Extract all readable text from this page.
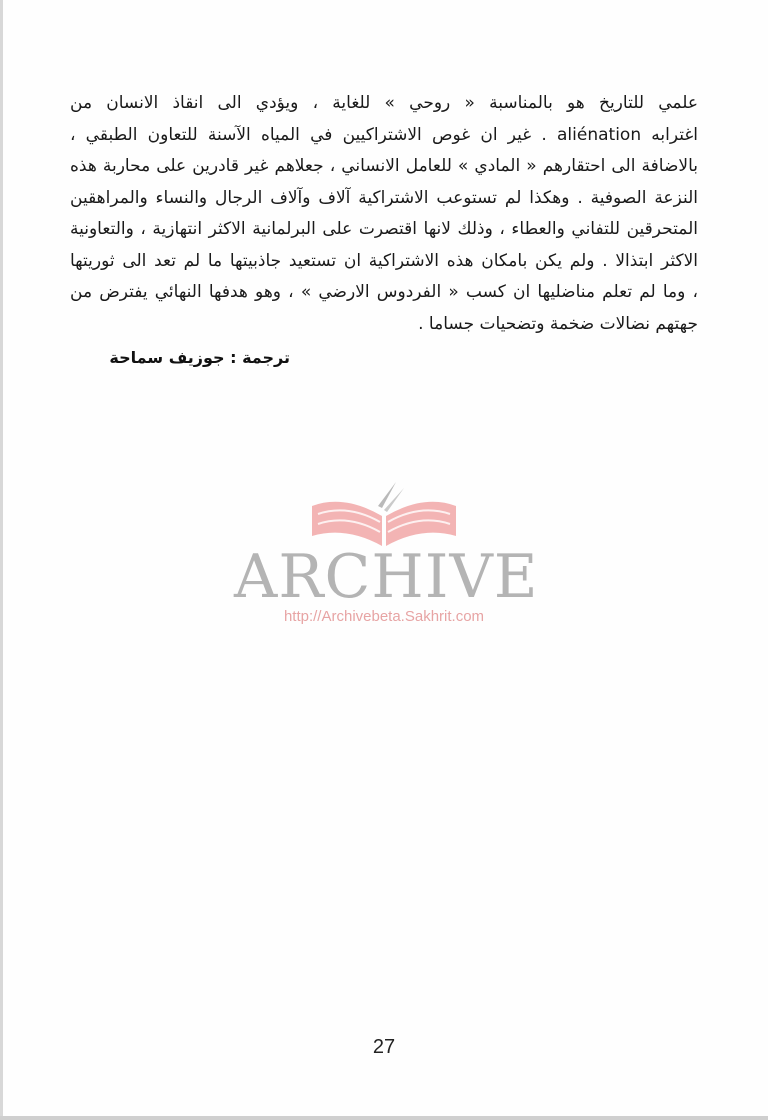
علمي للتاريخ هو بالمناسبة « روحي » للغاية ، ويؤدي الى انقاذ الانسان من
اغترابه aliénation . غير ان غوص الاشتراكيين في المياه الآسنة للتعاون الطبقي ،
بالاضافة الى احتقارهم « المادي » للعامل الانساني ، جعلاهم غير قادرين على محاربة هذه
النزعة الصوفية . وهكذا لم تستوعب الاشتراكية آلاف وآلاف الرجال والنساء والمراهقين
المتحرقين للتفاني والعطاء ، وذلك لانها اقتصرت على البرلمانية الاكثر انتهازية ، والتعاونية
الاكثر ابتذالا . ولم يكن بامكان هذه الاشتراكية ان تستعيد جاذبيتها ما لم تعد الى ثوريتها
، وما لم تعلم مناضليها ان كسب « الفردوس الارضي » ، وهو هدفها النهائي يفترض من
جهتهم نضالات ضخمة وتضحيات جساما .
ترجمة : جوزيف سماحة
ARCHIVE
http://Archivebeta.Sakhrit.com
27
